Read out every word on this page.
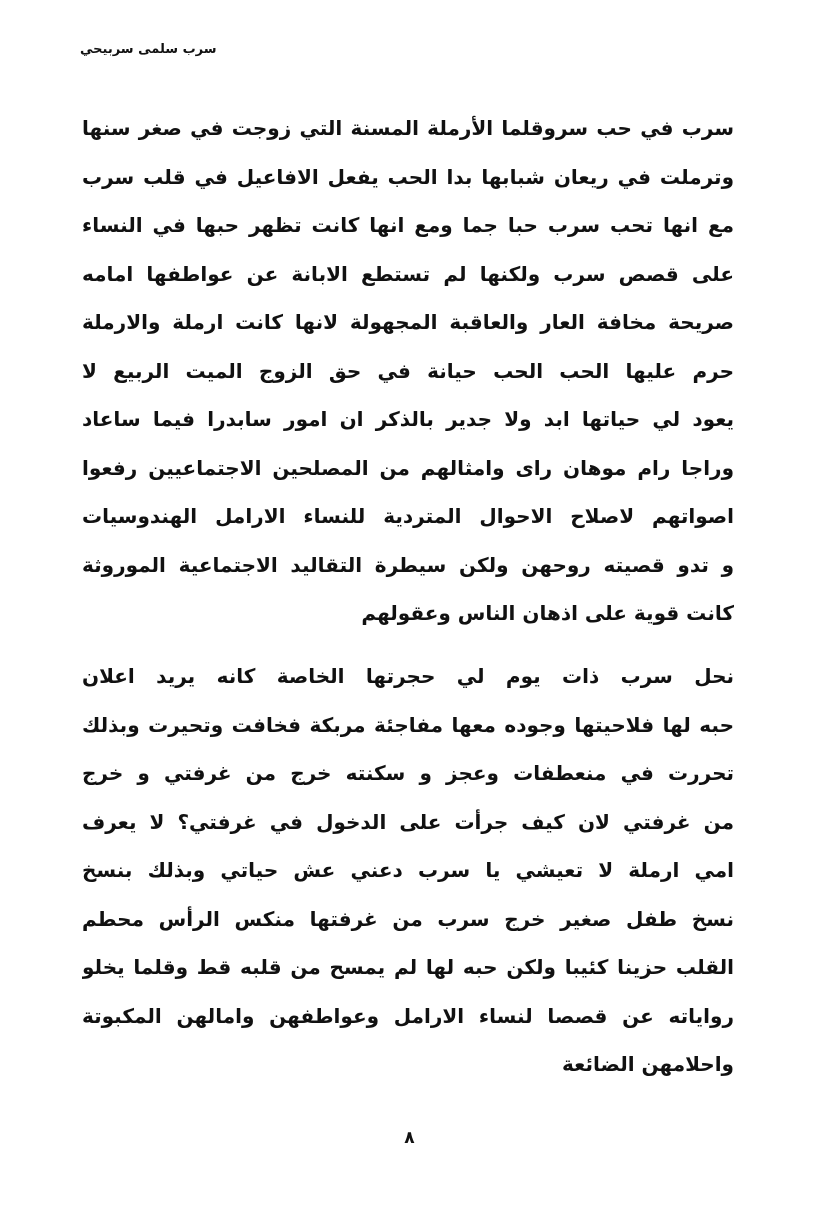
سرب سلمى سربيحي
سرب في حب سروقلما الأرملة المسنة التي زوجت في صغر سنها
وترملت في ريعان شبابها بدا الحب يفعل الافاعيل في قلب سرب
مع انها تحب سرب حبا جما ومع انها كانت تظهر حبها في النساء
على قصص سرب ولكنها لم تستطع الابانة عن عواطفها امامه
صريحة مخافة العار والعاقبة المجهولة لانها كانت ارملة والارملة
حرم عليها الحب الحب حيانة في حق الزوج الميت الربيع لا
يعود لي حياتها ابد ولا جدير بالذكر ان امور سابدرا فيما ساعاد
وراجا رام موهان راى وامثالهم من المصلحين الاجتماعيين رفعوا
اصواتهم لاصلاح الاحوال المتردية للنساء الارامل الهندوسيات
و تدو قصيته روحهن ولكن سيطرة التقاليد الاجتماعية الموروثة
كانت قوية على اذهان الناس وعقولهم
نحل سرب ذات يوم لي حجرتها الخاصة كانه يريد اعلان
حبه لها فلاحيتها وجوده معها مفاجئة مربكة فخافت وتحيرت وبذلك
تحررت في منعطفات وعجز و سكنته خرج من غرفتي و خرج
من غرفتي لان كيف جرأت على الدخول في غرفتي؟ لا يعرف
امي ارملة لا تعيشي يا سرب دعني عش حياتي وبذلك بنسخ
نسخ طفل صغير خرج سرب من غرفتها منكس الرأس محطم
القلب حزينا كئيبا ولكن حبه لها لم يمسح من قلبه قط وقلما يخلو
رواياته عن قصصا لنساء الارامل وعواطفهن وامالهن المكبوتة
واحلامهن الضائعة
٨
